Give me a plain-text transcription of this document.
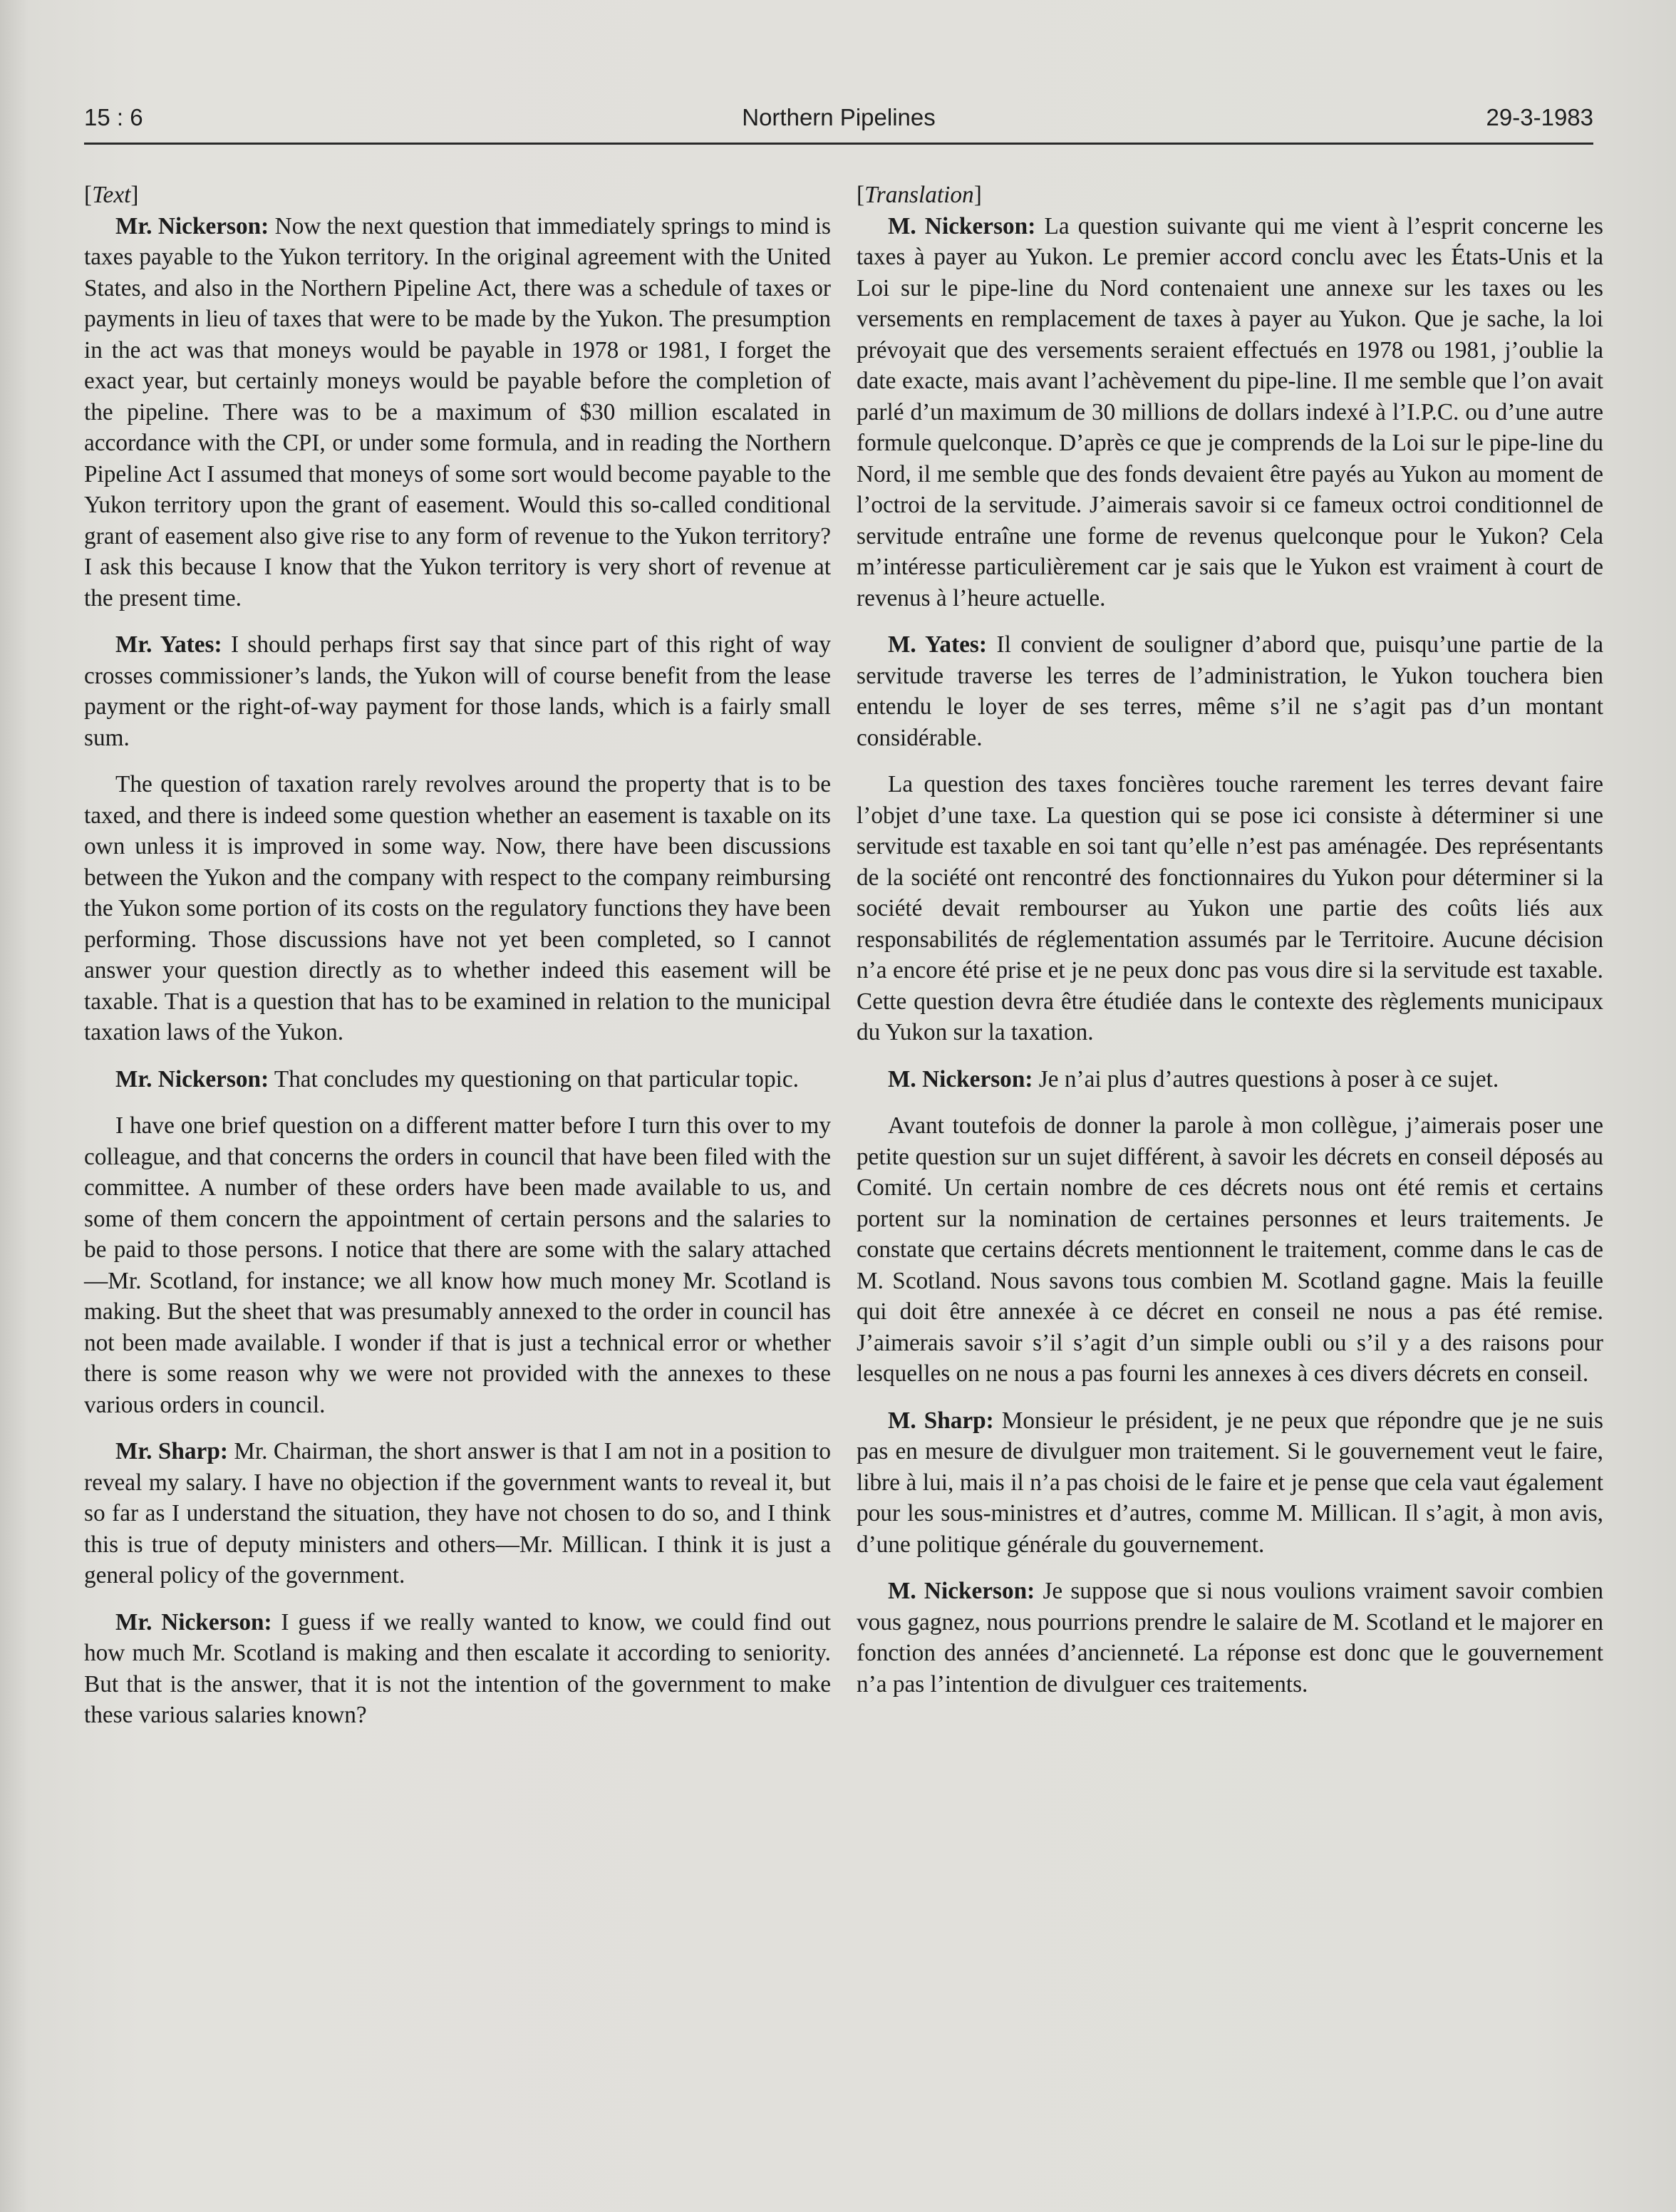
Northern Pipelines
15 : 6	29-3-1983

[Text]

Mr. Nickerson: Now the next question that immediately springs to mind is taxes payable to the Yukon territory. In the original agreement with the United States, and also in the Northern Pipeline Act, there was a schedule of taxes or payments in lieu of taxes that were to be made by the Yukon. The presumption in the act was that moneys would be payable in 1978 or 1981, I forget the exact year, but certainly moneys would be payable before the completion of the pipeline. There was to be a maximum of $30 million escalated in accordance with the CPI, or under some formula, and in reading the Northern Pipeline Act I assumed that moneys of some sort would become payable to the Yukon territory upon the grant of easement. Would this so-called conditional grant of easement also give rise to any form of revenue to the Yukon territory? I ask this because I know that the Yukon territory is very short of revenue at the present time.

Mr. Yates: I should perhaps first say that since part of this right of way crosses commissioner’s lands, the Yukon will of course benefit from the lease payment or the right-of-way payment for those lands, which is a fairly small sum.

The question of taxation rarely revolves around the property that is to be taxed, and there is indeed some question whether an easement is taxable on its own unless it is improved in some way. Now, there have been discussions between the Yukon and the company with respect to the company reimbursing the Yukon some portion of its costs on the regulatory functions they have been performing. Those discussions have not yet been completed, so I cannot answer your question directly as to whether indeed this easement will be taxable. That is a question that has to be examined in relation to the municipal taxation laws of the Yukon.

Mr. Nickerson: That concludes my questioning on that particular topic.

I have one brief question on a different matter before I turn this over to my colleague, and that concerns the orders in council that have been filed with the committee. A number of these orders have been made available to us, and some of them concern the appointment of certain persons and the salaries to be paid to those persons. I notice that there are some with the salary attached—Mr. Scotland, for instance; we all know how much money Mr. Scotland is making. But the sheet that was presumably annexed to the order in council has not been made available. I wonder if that is just a technical error or whether there is some reason why we were not provided with the annexes to these various orders in council.

Mr. Sharp: Mr. Chairman, the short answer is that I am not in a position to reveal my salary. I have no objection if the government wants to reveal it, but so far as I understand the situation, they have not chosen to do so, and I think this is true of deputy ministers and others—Mr. Millican. I think it is just a general policy of the government.

Mr. Nickerson: I guess if we really wanted to know, we could find out how much Mr. Scotland is making and then escalate it according to seniority. But that is the answer, that it is not the intention of the government to make these various salaries known?

[Translation]

M. Nickerson: La question suivante qui me vient à l’esprit concerne les taxes à payer au Yukon. Le premier accord conclu avec les États-Unis et la Loi sur le pipe-line du Nord contenaient une annexe sur les taxes ou les versements en remplacement de taxes à payer au Yukon. Que je sache, la loi prévoyait que des versements seraient effectués en 1978 ou 1981, j’oublie la date exacte, mais avant l’achèvement du pipe-line. Il me semble que l’on avait parlé d’un maximum de 30 millions de dollars indexé à l’I.P.C. ou d’une autre formule quelconque. D’après ce que je comprends de la Loi sur le pipe-line du Nord, il me semble que des fonds devaient être payés au Yukon au moment de l’octroi de la servitude. J’aimerais savoir si ce fameux octroi conditionnel de servitude entraîne une forme de revenus quelconque pour le Yukon? Cela m’intéresse particulièrement car je sais que le Yukon est vraiment à court de revenus à l’heure actuelle.

M. Yates: Il convient de souligner d’abord que, puisqu’une partie de la servitude traverse les terres de l’administration, le Yukon touchera bien entendu le loyer de ses terres, même s’il ne s’agit pas d’un montant considérable.

La question des taxes foncières touche rarement les terres devant faire l’objet d’une taxe. La question qui se pose ici consiste à déterminer si une servitude est taxable en soi tant qu’elle n’est pas aménagée. Des représentants de la société ont rencontré des fonctionnaires du Yukon pour déterminer si la société devait rembourser au Yukon une partie des coûts liés aux responsabilités de réglementation assumés par le Territoire. Aucune décision n’a encore été prise et je ne peux donc pas vous dire si la servitude est taxable. Cette question devra être étudiée dans le contexte des règlements municipaux du Yukon sur la taxation.

M. Nickerson: Je n’ai plus d’autres questions à poser à ce sujet.

Avant toutefois de donner la parole à mon collègue, j’aimerais poser une petite question sur un sujet différent, à savoir les décrets en conseil déposés au Comité. Un certain nombre de ces décrets nous ont été remis et certains portent sur la nomination de certaines personnes et leurs traitements. Je constate que certains décrets mentionnent le traitement, comme dans le cas de M. Scotland. Nous savons tous combien M. Scotland gagne. Mais la feuille qui doit être annexée à ce décret en conseil ne nous a pas été remise. J’aimerais savoir s’il s’agit d’un simple oubli ou s’il y a des raisons pour lesquelles on ne nous a pas fourni les annexes à ces divers décrets en conseil.

M. Sharp: Monsieur le président, je ne peux que répondre que je ne suis pas en mesure de divulguer mon traitement. Si le gouvernement veut le faire, libre à lui, mais il n’a pas choisi de le faire et je pense que cela vaut également pour les sous-ministres et d’autres, comme M. Millican. Il s’agit, à mon avis, d’une politique générale du gouvernement.

M. Nickerson: Je suppose que si nous voulions vraiment savoir combien vous gagnez, nous pourrions prendre le salaire de M. Scotland et le majorer en fonction des années d’ancienneté. La réponse est donc que le gouvernement n’a pas l’intention de divulguer ces traitements.
